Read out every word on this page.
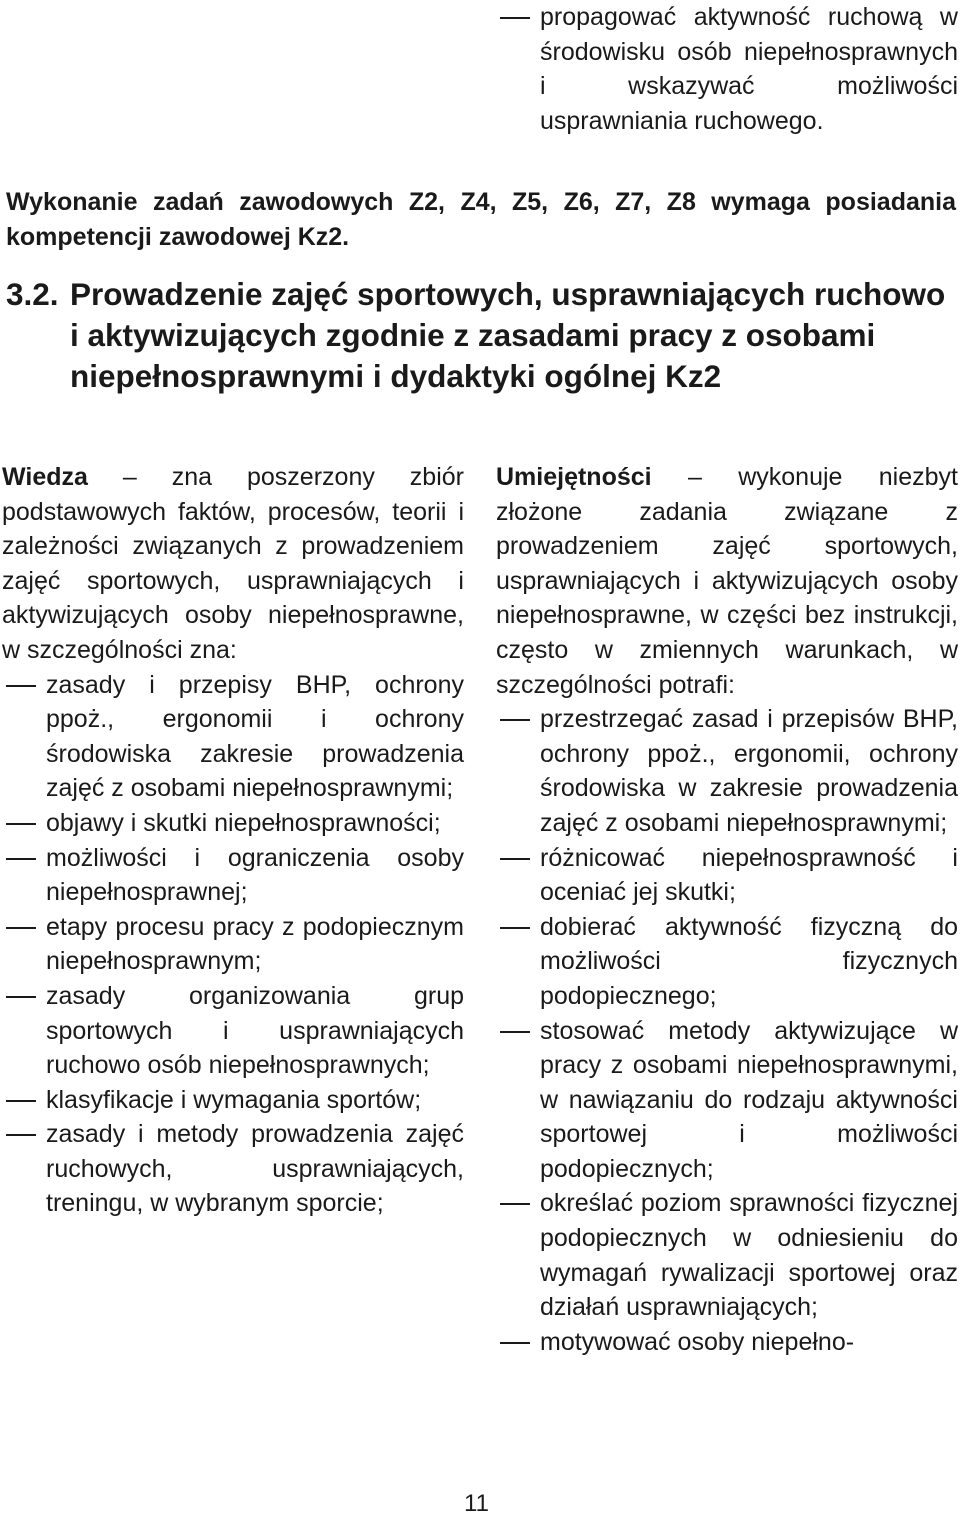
propagować aktywność ruchową w środowisku osób niepełnosprawnych i wskazywać możliwości usprawniania ruchowego.
Wykonanie zadań zawodowych Z2, Z4, Z5, Z6, Z7, Z8 wymaga posiadania kompetencji zawodowej Kz2.
3.2. Prowadzenie zajęć sportowych, usprawniających ruchowo i aktywizujących zgodnie z zasadami pracy z osobami niepełnosprawnymi i dydaktyki ogólnej Kz2
Wiedza – zna poszerzony zbiór podstawowych faktów, procesów, teorii i zależności związanych z prowadzeniem zajęć sportowych, usprawniających i aktywizujących osoby niepełnosprawne, w szczególności zna:
zasady i przepisy BHP, ochrony ppoż., ergonomii i ochrony środowiska zakresie prowadzenia zajęć z osobami niepełnosprawnymi;
objawy i skutki niepełnosprawności;
możliwości i ograniczenia osoby niepełnosprawnej;
etapy procesu pracy z podopiecznym niepełnosprawnym;
zasady organizowania grup sportowych i usprawniających ruchowo osób niepełnosprawnych;
klasyfikacje i wymagania sportów;
zasady i metody prowadzenia zajęć ruchowych, usprawniających, treningu, w wybranym sporcie;
Umiejętności – wykonuje niezbyt złożone zadania związane z prowadzeniem zajęć sportowych, usprawniających i aktywizujących osoby niepełnosprawne, w części bez instrukcji, często w zmiennych warunkach, w szczególności potrafi:
przestrzegać zasad i przepisów BHP, ochrony ppoż., ergonomii, ochrony środowiska w zakresie prowadzenia zajęć z osobami niepełnosprawnymi;
różnicować niepełnosprawność i oceniać jej skutki;
dobierać aktywność fizyczną do możliwości fizycznych podopiecznego;
stosować metody aktywizujące w pracy z osobami niepełnosprawnymi, w nawiązaniu do rodzaju aktywności sportowej i możliwości podopiecznych;
określać poziom sprawności fizycznej podopiecznych w odniesieniu do wymagań rywalizacji sportowej oraz działań usprawniających;
motywować osoby niepełno-
11
